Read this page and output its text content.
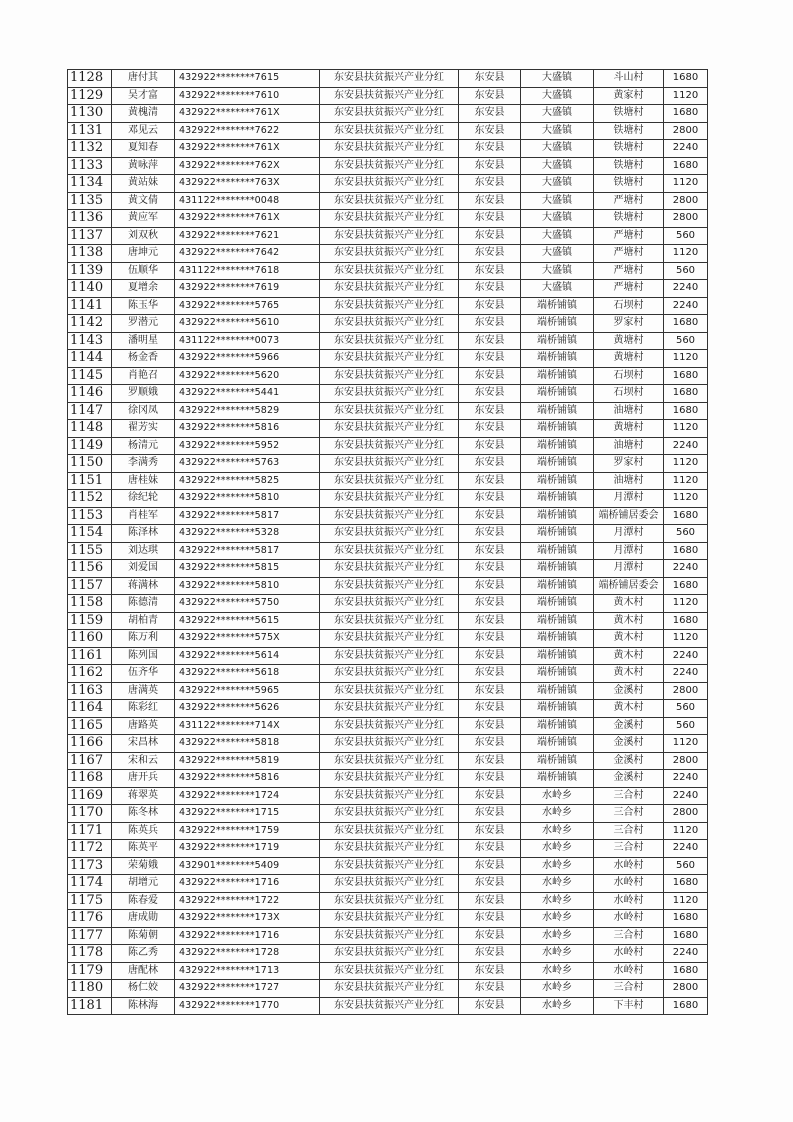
1128	唐付其	432922********7615	东安县扶贫振兴产业分红	东安县	大盛镇	斗山村	1680
1129	吴才富	432922********7610	东安县扶贫振兴产业分红	东安县	大盛镇	黄家村	1120
1130	黄槐清	432922********761X	东安县扶贫振兴产业分红	东安县	大盛镇	铁塘村	1680
1131	邓见云	432922********7622	东安县扶贫振兴产业分红	东安县	大盛镇	铁塘村	2800
1132	夏知春	432922********761X	东安县扶贫振兴产业分红	东安县	大盛镇	铁塘村	2240
1133	黄咏萍	432922********762X	东安县扶贫振兴产业分红	东安县	大盛镇	铁塘村	1680
1134	黄站妹	432922********763X	东安县扶贫振兴产业分红	东安县	大盛镇	铁塘村	1120
1135	黄文倩	431122********0048	东安县扶贫振兴产业分红	东安县	大盛镇	严塘村	2800
1136	黄应军	432922********761X	东安县扶贫振兴产业分红	东安县	大盛镇	铁塘村	2800
1137	刘双秋	432922********7621	东安县扶贫振兴产业分红	东安县	大盛镇	严塘村	560
1138	唐坤元	432922********7642	东安县扶贫振兴产业分红	东安县	大盛镇	严塘村	1120
1139	伍顺华	431122********7618	东安县扶贫振兴产业分红	东安县	大盛镇	严塘村	560
1140	夏增余	432922********7619	东安县扶贫振兴产业分红	东安县	大盛镇	严塘村	2240
1141	陈玉华	432922********5765	东安县扶贫振兴产业分红	东安县	端桥铺镇	石坝村	2240
1142	罗潜元	432922********5610	东安县扶贫振兴产业分红	东安县	端桥铺镇	罗家村	1680
1143	潘明星	431122********0073	东安县扶贫振兴产业分红	东安县	端桥铺镇	黄塘村	560
1144	杨金香	432922********5966	东安县扶贫振兴产业分红	东安县	端桥铺镇	黄塘村	1120
1145	肖艳召	432922********5620	东安县扶贫振兴产业分红	东安县	端桥铺镇	石坝村	1680
1146	罗顺娥	432922********5441	东安县扶贫振兴产业分红	东安县	端桥铺镇	石坝村	1680
1147	徐冈凤	432922********5829	东安县扶贫振兴产业分红	东安县	端桥铺镇	油塘村	1680
1148	翟芳实	432922********5816	东安县扶贫振兴产业分红	东安县	端桥铺镇	黄塘村	1120
1149	杨清元	432922********5952	东安县扶贫振兴产业分红	东安县	端桥铺镇	油塘村	2240
1150	李满秀	432922********5763	东安县扶贫振兴产业分红	东安县	端桥铺镇	罗家村	1120
1151	唐桂妹	432922********5825	东安县扶贫振兴产业分红	东安县	端桥铺镇	油塘村	1120
1152	徐纪轮	432922********5810	东安县扶贫振兴产业分红	东安县	端桥铺镇	月潭村	1120
1153	肖桂军	432922********5817	东安县扶贫振兴产业分红	东安县	端桥铺镇	端桥铺居委会	1680
1154	陈泽林	432922********5328	东安县扶贫振兴产业分红	东安县	端桥铺镇	月潭村	560
1155	刘达琪	432922********5817	东安县扶贫振兴产业分红	东安县	端桥铺镇	月潭村	1680
1156	刘爱国	432922********5815	东安县扶贫振兴产业分红	东安县	端桥铺镇	月潭村	2240
1157	蒋满林	432922********5810	东安县扶贫振兴产业分红	东安县	端桥铺镇	端桥铺居委会	1680
1158	陈德清	432922********5750	东安县扶贫振兴产业分红	东安县	端桥铺镇	黄木村	1120
1159	胡柏青	432922********5615	东安县扶贫振兴产业分红	东安县	端桥铺镇	黄木村	1680
1160	陈万利	432922********575X	东安县扶贫振兴产业分红	东安县	端桥铺镇	黄木村	1120
1161	陈列国	432922********5614	东安县扶贫振兴产业分红	东安县	端桥铺镇	黄木村	2240
1162	伍齐华	432922********5618	东安县扶贫振兴产业分红	东安县	端桥铺镇	黄木村	2240
1163	唐满英	432922********5965	东安县扶贫振兴产业分红	东安县	端桥铺镇	金溪村	2800
1164	陈彩红	432922********5626	东安县扶贫振兴产业分红	东安县	端桥铺镇	黄木村	560
1165	唐路英	431122********714X	东安县扶贫振兴产业分红	东安县	端桥铺镇	金溪村	560
1166	宋昌林	432922********5818	东安县扶贫振兴产业分红	东安县	端桥铺镇	金溪村	1120
1167	宋和云	432922********5819	东安县扶贫振兴产业分红	东安县	端桥铺镇	金溪村	2800
1168	唐开兵	432922********5816	东安县扶贫振兴产业分红	东安县	端桥铺镇	金溪村	2240
1169	蒋翠英	432922********1724	东安县扶贫振兴产业分红	东安县	水岭乡	三合村	2240
1170	陈冬林	432922********1715	东安县扶贫振兴产业分红	东安县	水岭乡	三合村	2800
1171	陈英兵	432922********1759	东安县扶贫振兴产业分红	东安县	水岭乡	三合村	1120
1172	陈英平	432922********1719	东安县扶贫振兴产业分红	东安县	水岭乡	三合村	2240
1173	荣菊娥	432901********5409	东安县扶贫振兴产业分红	东安县	水岭乡	水岭村	560
1174	胡增元	432922********1716	东安县扶贫振兴产业分红	东安县	水岭乡	水岭村	1680
1175	陈春爱	432922********1722	东安县扶贫振兴产业分红	东安县	水岭乡	水岭村	1120
1176	唐成勋	432922********173X	东安县扶贫振兴产业分红	东安县	水岭乡	水岭村	1680
1177	陈菊朝	432922********1716	东安县扶贫振兴产业分红	东安县	水岭乡	三合村	1680
1178	陈乙秀	432922********1728	东安县扶贫振兴产业分红	东安县	水岭乡	水岭村	2240
1179	唐配林	432922********1713	东安县扶贫振兴产业分红	东安县	水岭乡	水岭村	1680
1180	杨仁姣	432922********1727	东安县扶贫振兴产业分红	东安县	水岭乡	三合村	2800
1181	陈林海	432922********1770	东安县扶贫振兴产业分红	东安县	水岭乡	下丰村	1680
